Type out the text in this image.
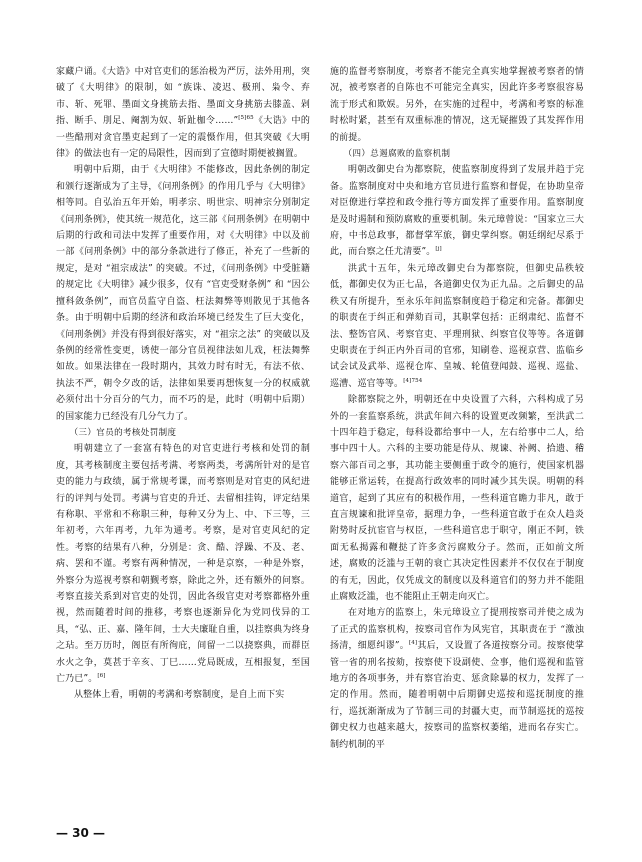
家藏户诵。《大诰》中对官吏们的惩治极为严厉，法外用刑，突破了《大明律》的限制，如 “族诛、凌迟、极刑、枭令、弃市、斩、死罪、墨面文身挑筋去指、墨面文身挑筋去膝盖、剁指、断手、刖足、阉割为奴、斩趾枷令……”$^{[5]65}$《大诰》中的一些酷刑对贪官墨吏起到了一定的震慑作用，但其突破《大明律》的做法也有一定的局限性，因而到了宣德时期便被搁置。

明朝中后期，由于《大明律》不能修改，因此条例的制定和颁行逐渐成为了主导，《问刑条例》的作用几乎与《大明律》相等同。自弘治五年开始，明孝宗、明世宗、明神宗分别制定《问刑条例》，使其统一规范化，这三部《问刑条例》在明朝中后期的行政和司法中发挥了重要作用，对《大明律》中以及前一部《问刑条例》中的部分条款进行了修正，补充了一些新的规定，是对 “祖宗成法” 的突破。不过，《问刑条例》中受脏籍的规定比《大明律》减少很多，仅有 “官吏受财条例” 和 “因公擅科敛条例”，而官员监守自盗、枉法舞弊等则散见于其他各条。由于明朝中后期的经济和政治环境已经发生了巨大变化，《问刑条例》并没有得到很好落实，对 “祖宗之法” 的突破以及条例的经常性变更，诱使一部分官员视律法如儿戏，枉法舞弊如故。如果法律在一段时期内，其效力时有时无，有法不依、执法不严，朝令夕改的话，法律如果要再想恢复一分的权威就必须付出十分百分的气力，而不巧的是，此时（明朝中后期）的国家能力已经没有几分气力了。

（三）官员的考核处罚制度

明朝建立了一套富有特色的对官吏进行考核和处罚的制度，其考核制度主要包括考满、考察两类，考满所针对的是官吏的能力与政绩，属于常规考课，而考察则是对官吏的风纪进行的评判与处罚。考满与官吏的升迁、去留相挂钩，评定结果有称职、平常和不称职三种，每种又分为上、中、下三等，三年初考，六年再考，九年为通考。考察，是对官吏风纪的定性。考察的结果有八种，分别是：贪、酷、浮躁、不及、老、病、罢和不谨。考察有两种情况，一种是京察，一种是外察，外察分为巡视考察和朝觐考察，除此之外，还有额外的问察。考察直接关系到对官吏的处罚，因此各级官吏对考察都格外重视，然而随着时间的推移，考察也逐渐异化为党同伐异的工具，“弘、正、嘉、隆年间，士大夫廉耻自重，以挂察典为终身之玷。至万历时，阁臣有所徇庇，间留一二以挠察典，而群臣水火之争，莫甚于辛亥、丁巳……党局既成，互相报复，至国亡乃已”。[6]

从整体上看，明朝的考满和考察制度，是自上而下实

施的监督考察制度，考察者不能完全真实地掌握被考察者的情况，被考察者的自陈也不可能完全真实，因此许多考察很容易流于形式和欺娱。另外，在实施的过程中，考满和考察的标准时松时紧，甚至有双重标准的情况，这无疑摧毁了其发挥作用的前提。

（四）总遏腐败的监察机制

明朝改御史台为都察院，使监察制度得到了发展并趋于完备。监察制度对中央和地方官员进行监察和督促，在协助皇帝对臣僚进行掌控和政令推行等方面发挥了重要作用。监察制度是及时遏制和预防腐败的重要机制。朱元璋曾说：“国家立三大府，中书总政事，都督掌军旅，御史掌纠察。朝廷纲纪尽系于此，而台察之任尤清要”。[j]

洪武十五年，朱元璋改御史台为都察院，但御史品秩较低，都御史仅为正七品，各道御史仅为正九品。之后御史的品秩又有所提升，至永乐年间监察制度趋于稳定和完备。都御史的职责在于纠正和弹劾百司，其职掌包括：正纲肃纪、监督不法、整饬官风、考察官吏、平理刑狱、纠察官仪等等。各道御史职责在于纠正内外百司的官邪，知刷卷、巡视京营、监临乡试会试及武举、巡视仓库、皇城、轮值登闻鼓、巡视、巡盐、巡漕、巡官等等。$^{[4]754}$

除都察院之外，明朝还在中央设置了六科，六科构成了另外的一套监察系统，洪武年间六科的设置更改频繁，至洪武二十四年趋于稳定，每科设都给事中一人，左右给事中二人，给事中四十人。六科的主要功能是侍从、规谏、补阙、拾遗、稽察六部百司之事，其功能主要侧重于政令的施行，使国家机器能够正常运转，在提高行政效率的同时减少其失误。明朝的科道官，起到了其应有的积极作用，一些科道官瞻力非凡，敢于直言规谏和批评皇帝，据理力争，一些科道官敢于在众人趋炎附势时反抗宦官与权臣，一些科道官忠于职守，刚正不阿，铁面无私揭露和鞭挞了许多贪污腐败分子。然而，正如前文所述，腐败的泛滥与王朝的衰亡其决定性因素并不仅仅在于制度的有无，因此，仅凭成文的制度以及科道官们的努力并不能阻止腐败泛滥，也不能阻止王朝走向灭亡。

在对地方的监察上，朱元璋设立了提刑按察司并使之成为了正式的监察机构，按察司官作为风宪官，其职责在于 “激浊扬清，细愿纠谬”。[4]其后，又设置了各道按察分司。按察使掌管一省的刑名按劾，按察使下设副使、佥事，他们巡视和监管地方的各项事务，并有察官治吏、惩贪除暴的权力，发挥了一定的作用。然而，随着明朝中后期御史巡按和巡抚制度的推行，巡抚渐渐成为了节制三司的封疆大吏，而节制巡抚的巡按御史权力也越来越大，按察司的监察权萎缩，进而名存实亡。制约机制的平

— 30 —
